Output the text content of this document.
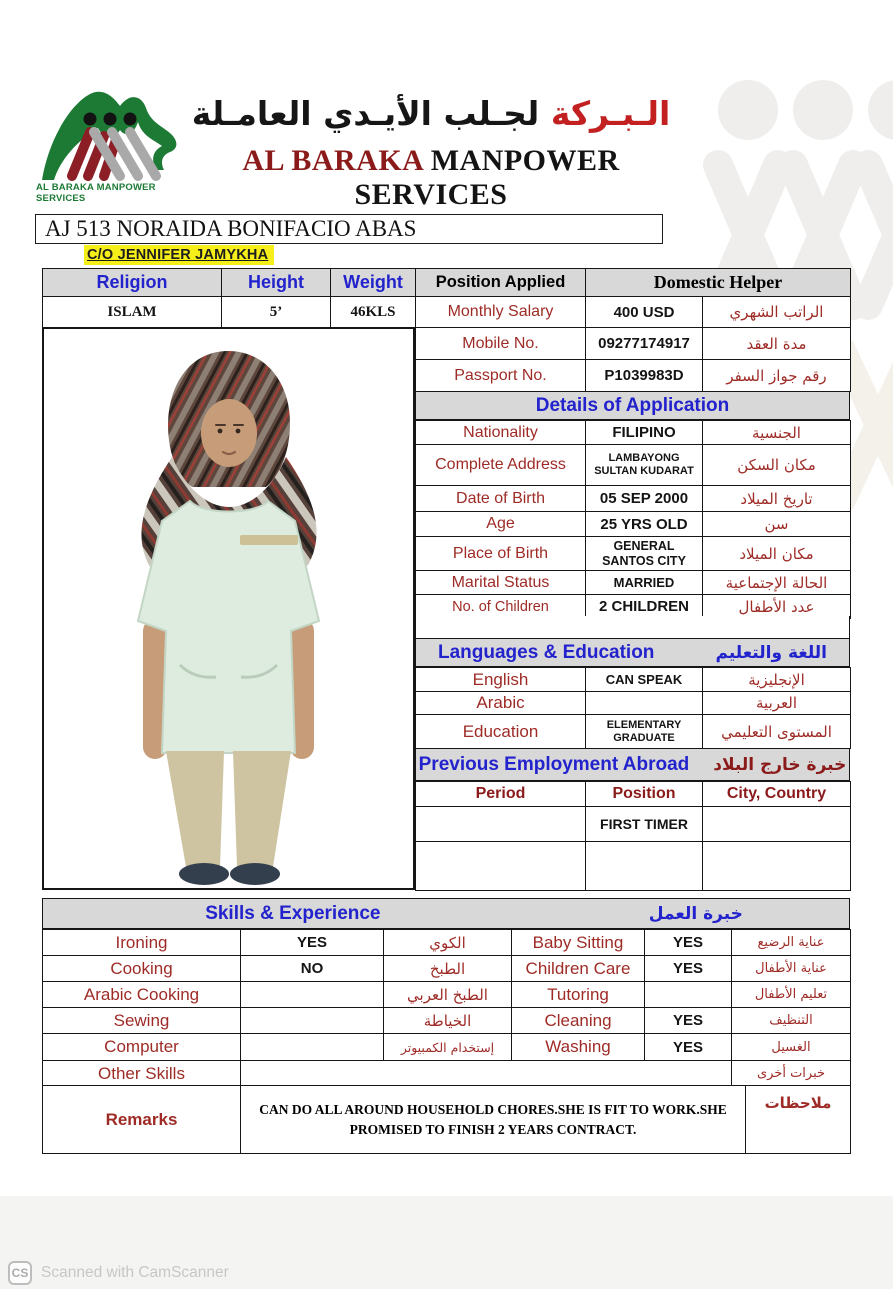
AL BARAKA MANPOWER SERVICES
الـبـركة لجـلب الأيـدي العامـلة
AL BARAKA MANPOWER SERVICES
AJ 513 NORAIDA BONIFACIO ABAS
C/O JENNIFER JAMYKHA
Religion	Height	Weight	Position Applied	Domestic Helper	
ISLAM	5’	46KLS	Monthly Salary	400 USD	الراتب الشهري
Mobile No.	09277174917	مدة العقد
Passport No.	P1039983D	رقم جواز السفر
Details of Application
Nationality	FILIPINO	الجنسية
Complete Address	LAMBAYONG SULTAN KUDARAT	مكان السكن
Date of Birth	05 SEP 2000	تاريخ الميلاد
Age	25 YRS OLD	سن
Place of Birth	GENERAL SANTOS CITY	مكان الميلاد
Marital Status	MARRIED	الحالة الإجتماعية
No. of Children	2 CHILDREN	عدد الأطفال
Languages & Education	اللغة والتعليم
English	CAN SPEAK	الإنجليزية
Arabic		العربية
Education	ELEMENTARY GRADUATE	المستوى التعليمي
Previous Employment Abroad خبرة خارج البلاد
Period	Position	City, Country
	FIRST TIMER	

Skills & Experience	خبرة العمل
Ironing	YES	الكوي	Baby Sitting	YES	عناية الرضيع
Cooking	NO	الطبخ	Children Care	YES	عناية الأطفال
Arabic Cooking		الطبخ العربي	Tutoring		تعليم الأطفال
Sewing		الخياطة	Cleaning	YES	التنظيف
Computer		إستخدام الكمبيوتر	Washing	YES	الغسيل
Other Skills					خبرات أخرى
Remarks	CAN DO ALL AROUND HOUSEHOLD CHORES.SHE IS FIT TO WORK.SHE PROMISED TO FINISH 2 YEARS CONTRACT.	ملاحظات
CS Scanned with CamScanner
